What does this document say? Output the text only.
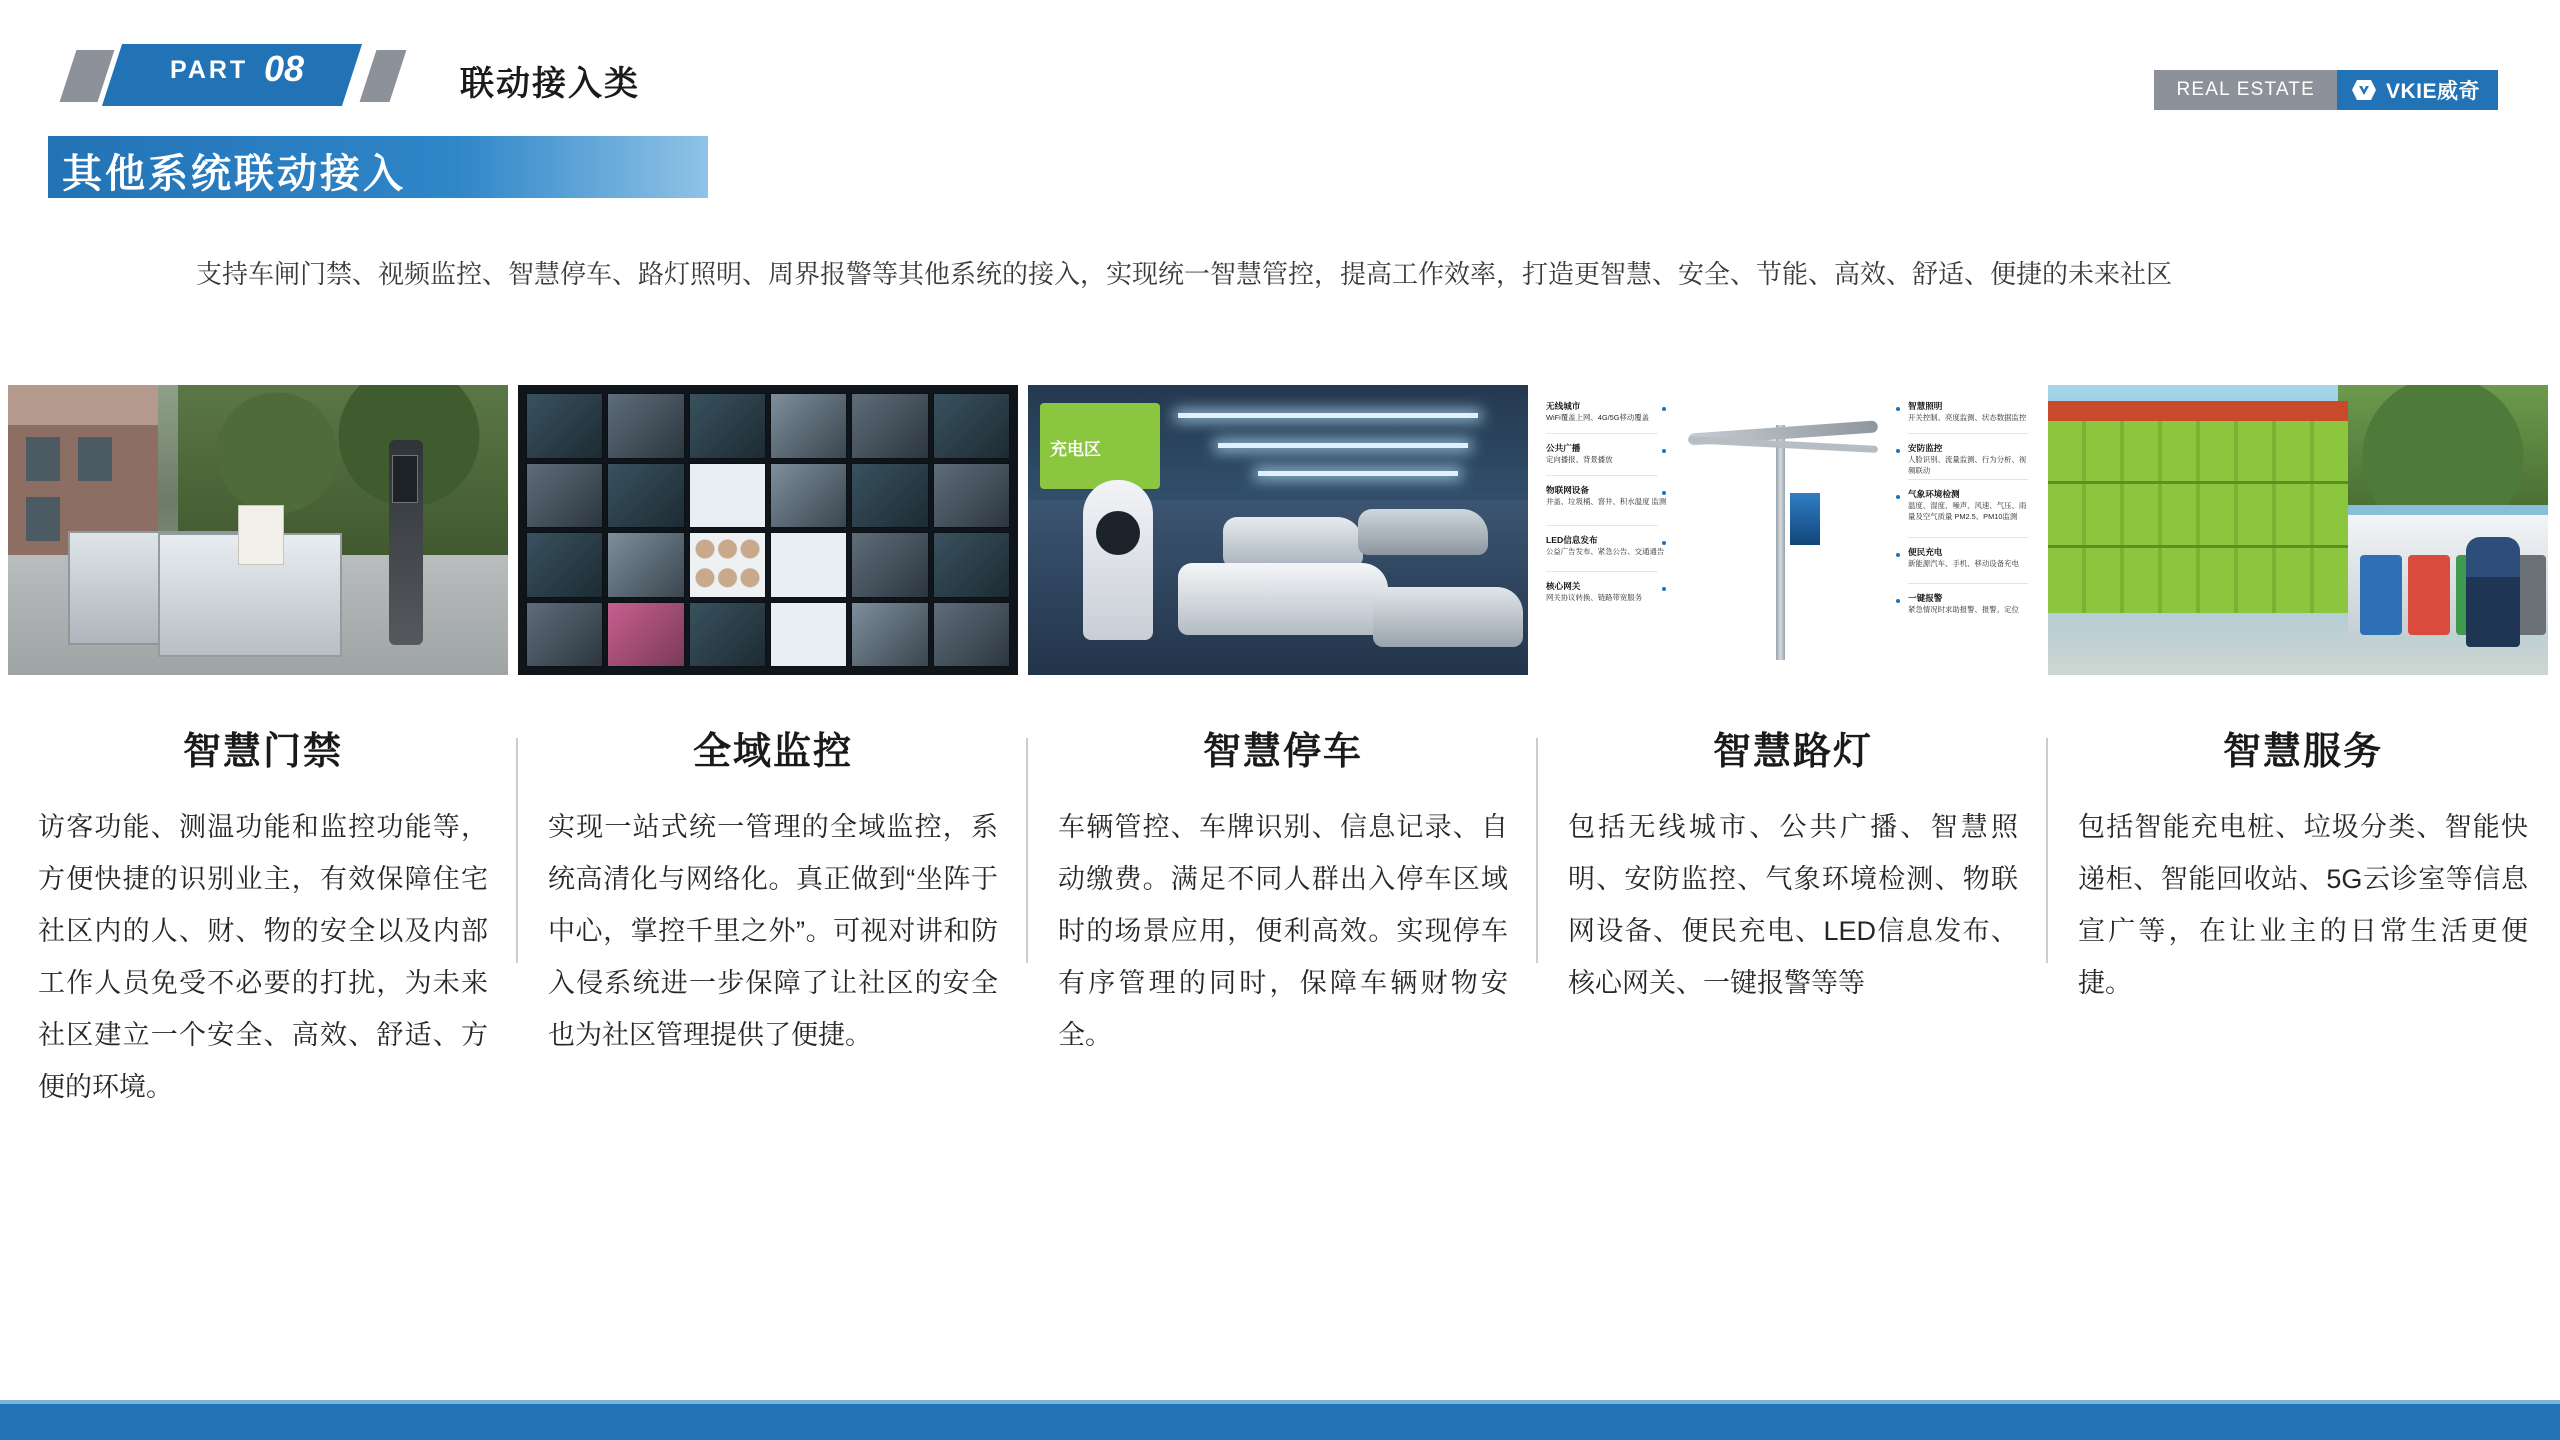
PART 08	联动接入类	REAL ESTATE	VKIE威奇
其他系统联动接入
支持车闸门禁、视频监控、智慧停车、路灯照明、周界报警等其他系统的接入，实现统一智慧管控，提高工作效率，打造更智慧、安全、节能、高效、舒适、便捷的未来社区
充电区
无线城市
WiFi覆盖上网、4G/5G移动覆盖
公共广播
定向播报、背景播放
物联网设备
井盖、垃圾桶、窨井、积水温度 监测
LED信息发布
公益广告发布、紧急公告、交通通告
核心网关
网关协议转换、链路带宽服务
智慧照明
开关控制、亮度监测、状态数据监控
安防监控
人脸识别、流量监测、行为分析、视频联动
气象环境检测
温度、湿度、噪声、风速、气压、雨量及空气质量 PM2.5、PM10监测
便民充电
新能源汽车、手机、移动设备充电
一键报警
紧急情况时求助报警、报警、定位
智慧门禁

访客功能、测温功能和监控功能等，方便快捷的识别业主，有效保障住宅社区内的人、财、物的安全以及内部工作人员免受不必要的打扰，为未来社区建立一个安全、高效、舒适、方便的环境。

全域监控

实现一站式统一管理的全域监控，系统高清化与网络化。真正做到“坐阵于中心，掌控千里之外”。可视对讲和防入侵系统进一步保障了让社区的安全也为社区管理提供了便捷。

智慧停车

车辆管控、车牌识别、信息记录、自动缴费。满足不同人群出入停车区域时的场景应用，便利高效。实现停车有序管理的同时，保障车辆财物安全。

智慧路灯

包括无线城市、公共广播、智慧照明、安防监控、气象环境检测、物联网设备、便民充电、LED信息发布、核心网关、一键报警等等

智慧服务

包括智能充电桩、垃圾分类、智能快递柜、智能回收站、5G云诊室等信息宣广等，在让业主的日常生活更便捷。
